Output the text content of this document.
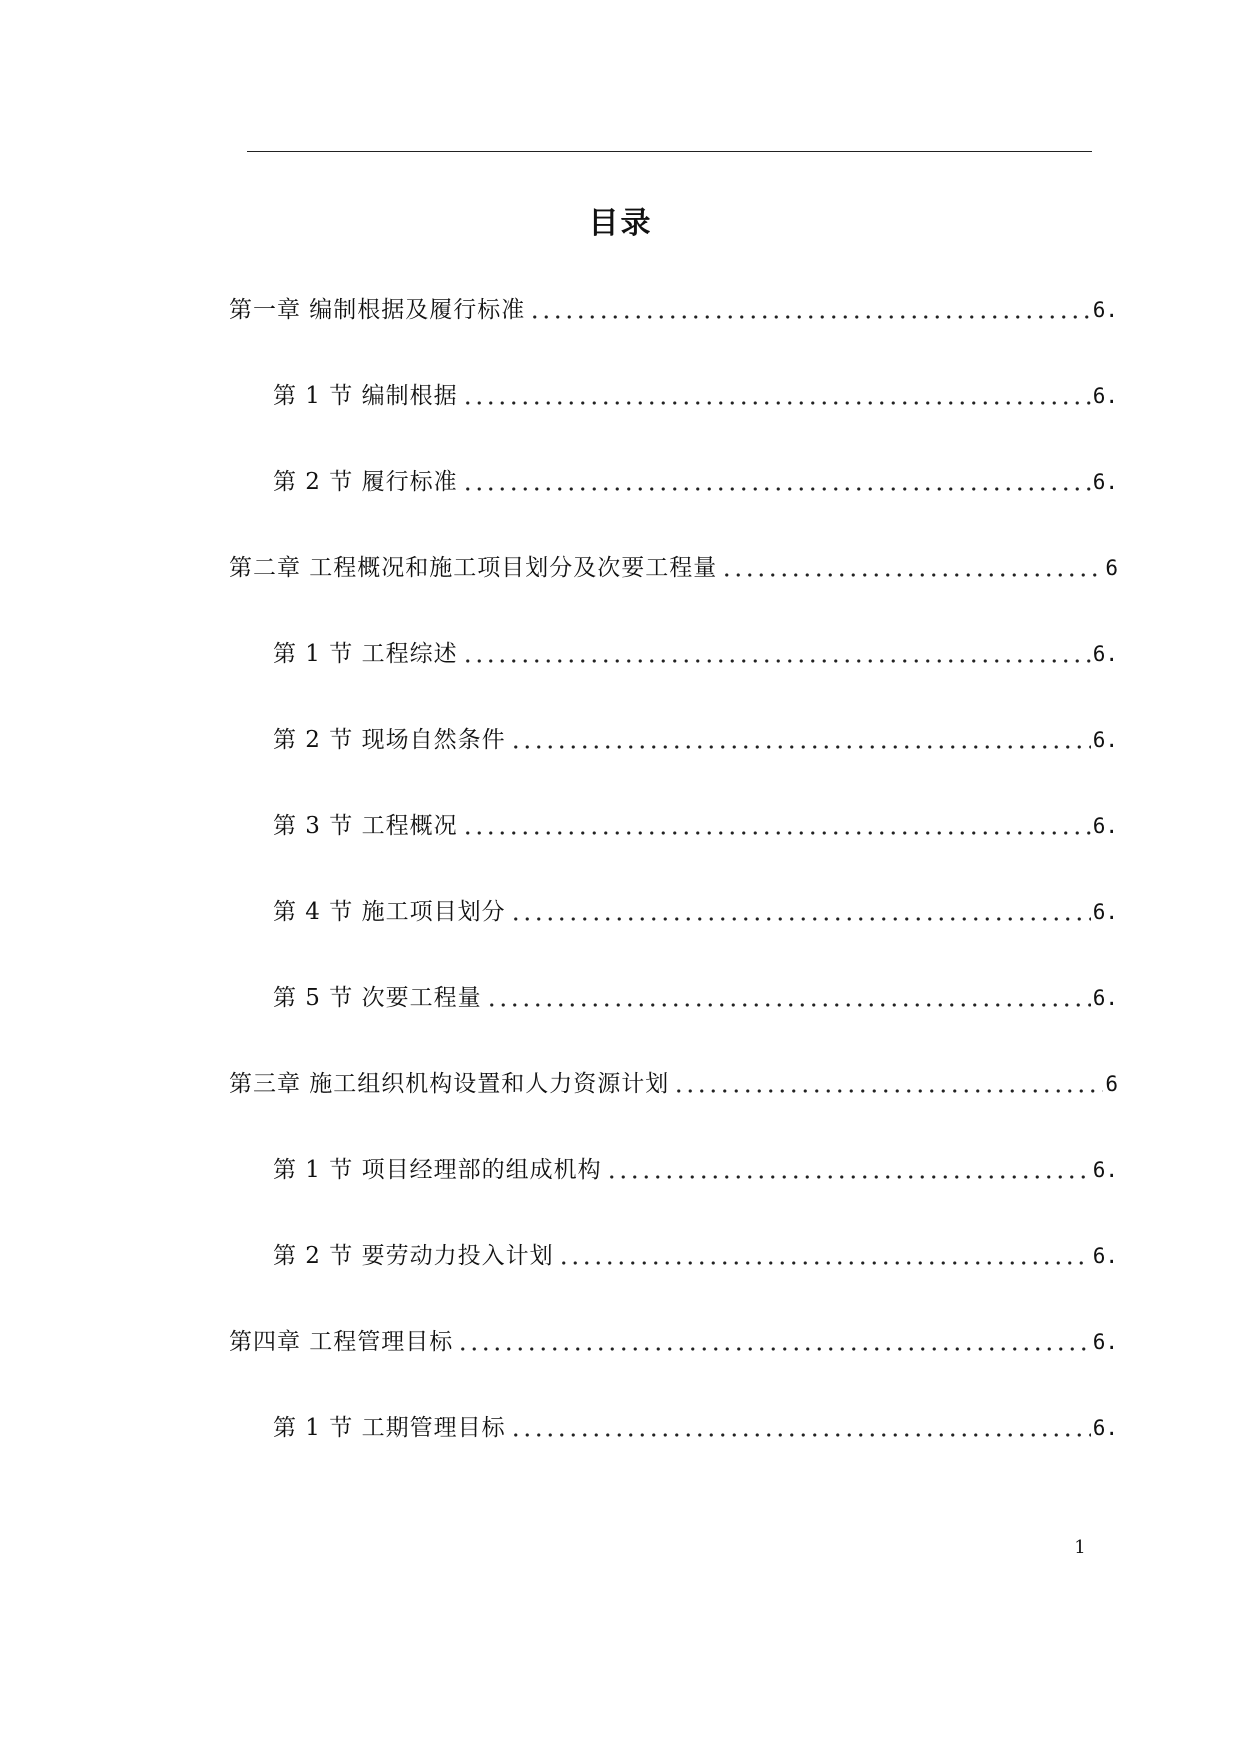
目录
第一章 编制根据及履行标准	6.
第 1 节 编制根据	6.
第 2 节 履行标准	6.
第二章 工程概况和施工项目划分及次要工程量	6
第 1 节 工程综述	6.
第 2 节 现场自然条件	6.
第 3 节 工程概况	6.
第 4 节 施工项目划分	6.
第 5 节 次要工程量	6.
第三章 施工组织机构设置和人力资源计划	6
第 1 节 项目经理部的组成机构	6.
第 2 节 要劳动力投入计划	6.
第四章 工程管理目标	6.
第 1 节 工期管理目标	6.
1
